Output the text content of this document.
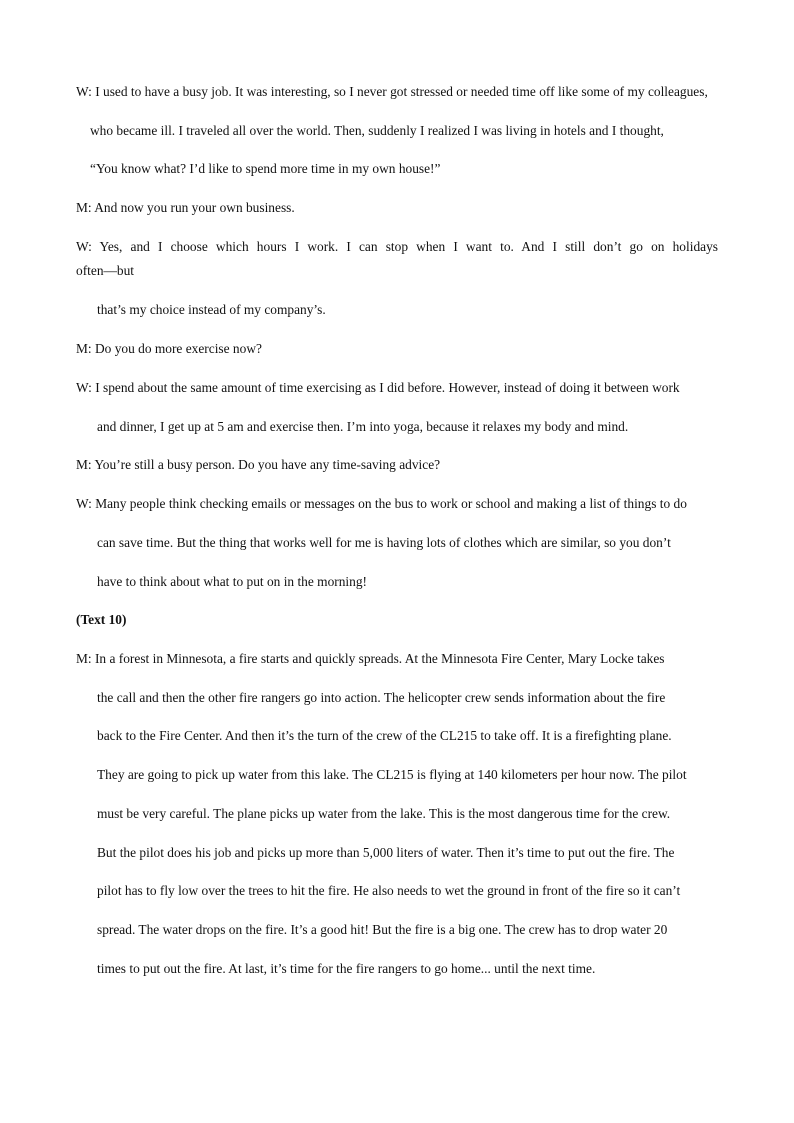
W: I used to have a busy job. It was interesting, so I never got stressed or needed time off like some of my colleagues,
who became ill. I traveled all over the world. Then, suddenly I realized I was living in hotels and I thought,
“You know what? I’d like to spend more time in my own house!”
M: And now you run your own business.
W: Yes, and I choose which hours I work. I can stop when I want to. And I still don’t go on holidays
often—but
that’s my choice instead of my company’s.
M: Do you do more exercise now?
W: I spend about the same amount of time exercising as I did before. However, instead of doing it between work
and dinner, I get up at 5 am and exercise then. I’m into yoga, because it relaxes my body and mind.
M: You’re still a busy person. Do you have any time-saving advice?
W: Many people think checking emails or messages on the bus to work or school and making a list of things to do
can save time. But the thing that works well for me is having lots of clothes which are similar, so you don’t
have to think about what to put on in the morning!
(Text 10)
M: In a forest in Minnesota, a fire starts and quickly spreads. At the Minnesota Fire Center, Mary Locke takes
the call and then the other fire rangers go into action. The helicopter crew sends information about the fire
back to the Fire Center. And then it’s the turn of the crew of the CL215 to take off. It is a firefighting plane.
They are going to pick up water from this lake. The CL215 is flying at 140 kilometers per hour now. The pilot
must be very careful. The plane picks up water from the lake. This is the most dangerous time for the crew.
But the pilot does his job and picks up more than 5,000 liters of water. Then it’s time to put out the fire. The
pilot has to fly low over the trees to hit the fire. He also needs to wet the ground in front of the fire so it can’t
spread. The water drops on the fire. It’s a good hit! But the fire is a big one. The crew has to drop water 20
times to put out the fire. At last, it’s time for the fire rangers to go home... until the next time.
